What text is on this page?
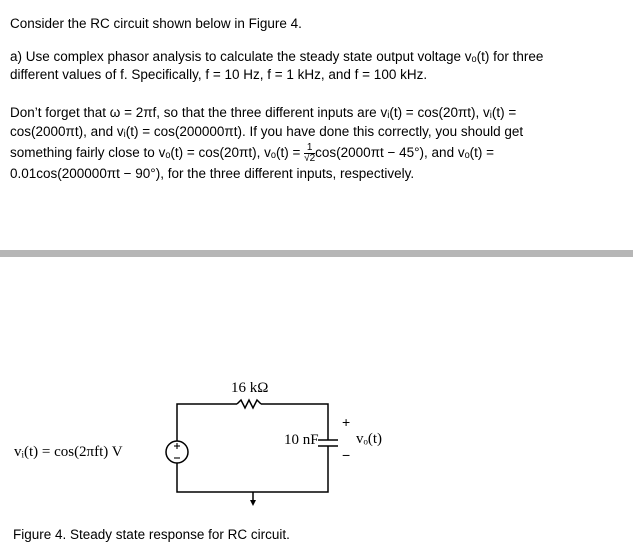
Consider the RC circuit shown below in Figure 4.
a) Use complex phasor analysis to calculate the steady state output voltage vₒ(t) for three
different values of f. Specifically, f = 10 Hz, f = 1 kHz, and f = 100 kHz.
Don’t forget that ω = 2πf, so that the three different inputs are vᵢ(t) = cos(20πt), vᵢ(t) =
cos(2000πt), and vᵢ(t) = cos(200000πt). If you have done this correctly, you should get
something fairly close to vₒ(t) = cos(20πt), $v_o(t) = \frac{1}{√2} \cos(2000\pi t - 45^\circ)$, and vₒ(t) =
0.01cos(200000πt − 90°), for the three different inputs, respectively.
16 kΩ
10 nF
vᵢ(t) = cos(2πft) V
+
vₒ(t)
−
Figure 4. Steady state response for RC circuit.
